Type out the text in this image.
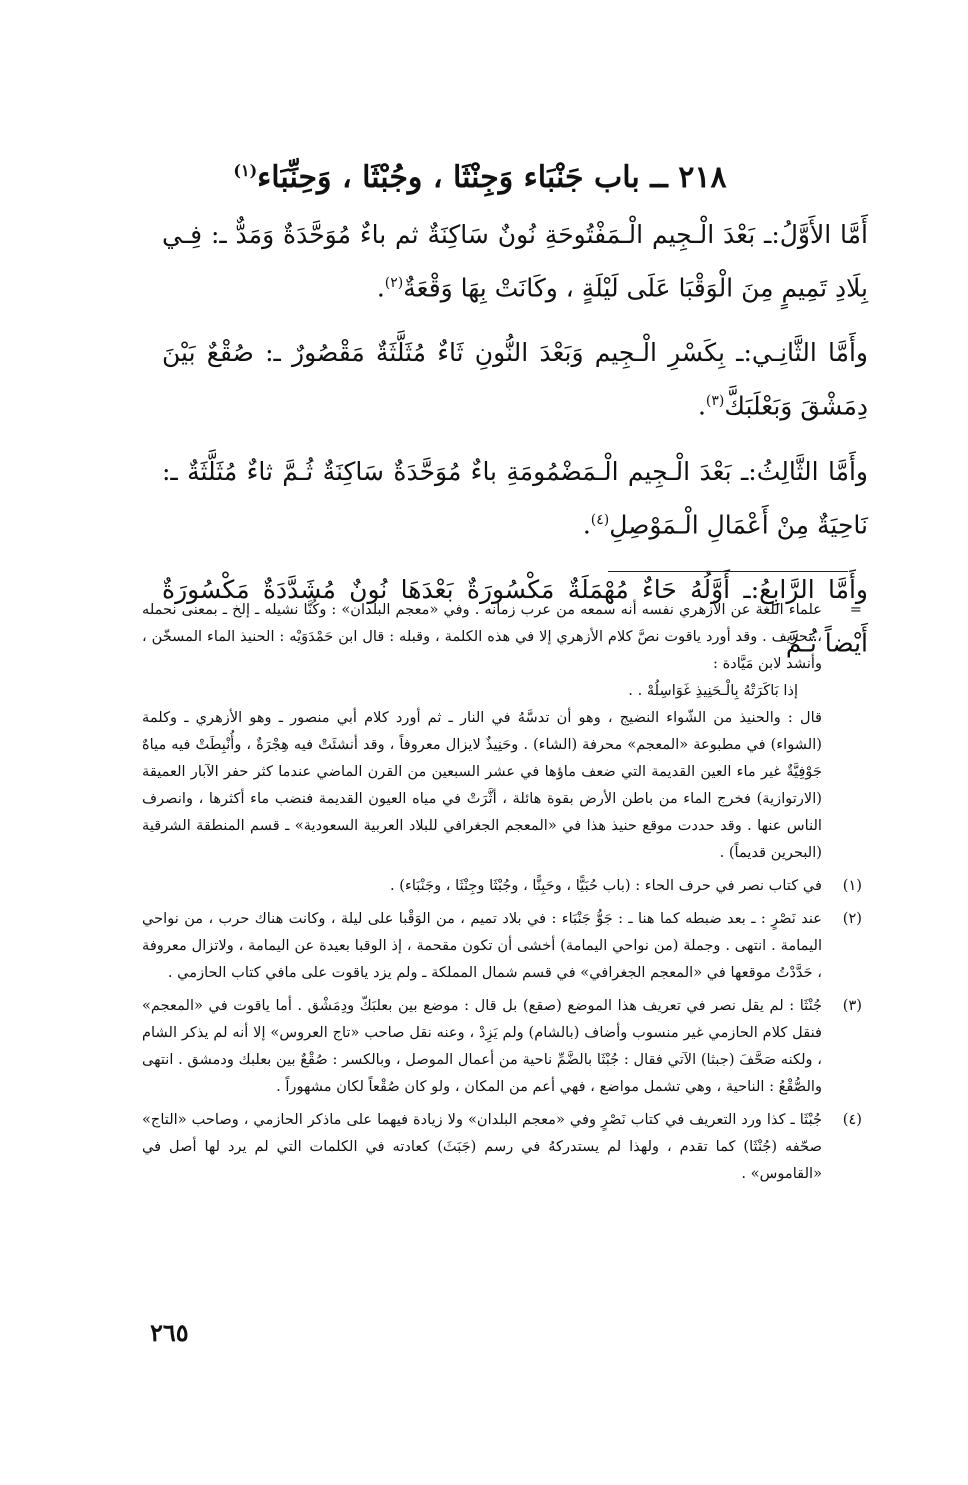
٢١٨ ــ باب جَنْبَاء وَجِنْثَا ، وجُبْثَا ، وَحِنِّبَاء$^{(١)}$

أَمَّا الأَوَّلُ:ـ بَعْدَ الْـجِيم الْـمَفْتُوحَةِ نُونٌ سَاكِنَةٌ ثم باءٌ مُوَحَّدَةٌ وَمَدٌّ ـ: فِـي بِلَادِ تَمِيمٍ مِنَ الْوَقْبَا عَلَى لَيْلَةٍ ، وكَانَتْ بِهَا وَقْعَةٌ$^{(٢)}$.

وأَمَّا الثَّانِـي:ـ بِكَسْرِ الْـجِيم وَبَعْدَ النُّونِ ثَاءٌ مُثَلَّثَةٌ مَقْصُورٌ ـ: صُقْعٌ بَيْنَ دِمَشْقَ وَبَعْلَبَكَّ$^{(٣)}$.

وأَمَّا الثَّالِثُ:ـ بَعْدَ الْـجِيم الْـمَضْمُومَةِ باءٌ مُوَحَّدَةٌ سَاكِنَةٌ ثُـمَّ ثاءٌ مُثَلَّثَةٌ ـ: نَاحِيَةٌ مِنْ أَعْمَالِ الْـمَوْصِلِ$^{(٤)}$.

وأَمَّا الرَّابِعُ:ـ أَوَّلُهُ حَاءٌ مُهْمَلَةٌ مَكْسُورَةٌ بَعْدَهَا نُونٌ مُشَدَّدَةٌ مَكْسُورَةٌ أَيْضاً ثُـمَّ

=
علماء اللغة عن الأزهري نفسه أنه سمعه من عرب زمانه . وفي «معجم البلدان» : وكُنَّا نشيله ـ إلخ ـ بمعنى نحمله ، تحريف . وقد أورد ياقوت نصَّ كلام الأزهري إلا في هذه الكلمة ، وقبله : قال ابن حَمْدَوَيْه : الحنيذ الماء المسخّن ، وأنشد لابن مَيَّادة :
إذا بَاكَرَتْهُ بِالْـحَنِيذِ غَوَاسِلُهْ . .
قال : والحنيذ من الشّواء النضيج ، وهو أن تدسَّهُ في النار ـ ثم أورد كلام أبي منصور ـ وهو الأزهري ـ وكلمة (الشواء) في مطبوعة «المعجم» محرفة (الشاء) . وحَنِيذٌ لايزال معروفاً ، وقد أنشئَتْ فيه هِجْرَةٌ ، وأُنْبِطَتْ فيه مياهٌ جَوْفِيَّةٌ غير ماء العين القديمة التي ضعف ماؤها في عشر السبعين من القرن الماضي عندما كثر حفر الآبار العميقة (الارتوازية) فخرج الماء من باطن الأرض بقوة هائلة ، أثَّرَتْ في مياه العيون القديمة فنضب ماء أكثرها ، وانصرف الناس عنها . وقد حددت موقع حنيذ هذا في «المعجم الجغرافي للبلاد العربية السعودية» ـ قسم المنطقة الشرقية (البحرين قديماً) .
(١)
في كتاب نصر في حرف الحاء : (باب حُبَيًّا ، وحَبِنًّا ، وجُبْثَا وجِنْثَا ، وجَنْبَاء) .
(٢)
عند نَصْرٍ : ـ بعد ضبطه كما هنا ـ : جَوُّ جَنْبَاء : في بلاد تميم ، من الوَقْبا على ليلة ، وكانت هناك حرب ، من نواحي اليمامة . انتهى . وجملة (من نواحي اليمامة) أخشى أن تكون مقحمة ، إذ الوقبا بعيدة عن اليمامة ، ولاتزال معروفة ، حَدَّدْتُ موقعها في «المعجم الجغرافي» في قسم شمال المملكة ـ ولم يزد ياقوت على مافي كتاب الحازمي .
(٣)
جُنْثَا : لم يقل نصر في تعريف هذا الموضع (صقع) بل قال : موضع بين بعلبَكّ ودِمَشْق . أما ياقوت في «المعجم» فنقل كلام الحازمي غير منسوب وأضاف (بالشام) ولم يَزِدْ ، وعنه نقل صاحب «تاج العروس» إلا أنه لم يذكر الشام ، ولكنه صَحَّفَ (جبثا) الآتي فقال : جُبْثَا بالضَّمِّ ناحية من أعمال الموصل ، وبالكسر : صُقْعٌ بين بعلبك ودمشق . انتهى والصُّقْعُ : الناحية ، وهي تشمل مواضع ، فهي أعم من المكان ، ولو كان صُقْعاً لكان مشهوراً .
(٤)
جُبْثَا ـ كذا ورد التعريف في كتاب نَصْرٍ وفي «معجم البلدان» ولا زيادة فيهما على ماذكر الحازمي ، وصاحب «التاج» صحّفه (جُنْثَا) كما تقدم ، ولهذا لم يستدركهُ في رسم (جَبَثَ) كعادته في الكلمات التي لم يرد لها أصل في «القاموس» .
٢٦٥
